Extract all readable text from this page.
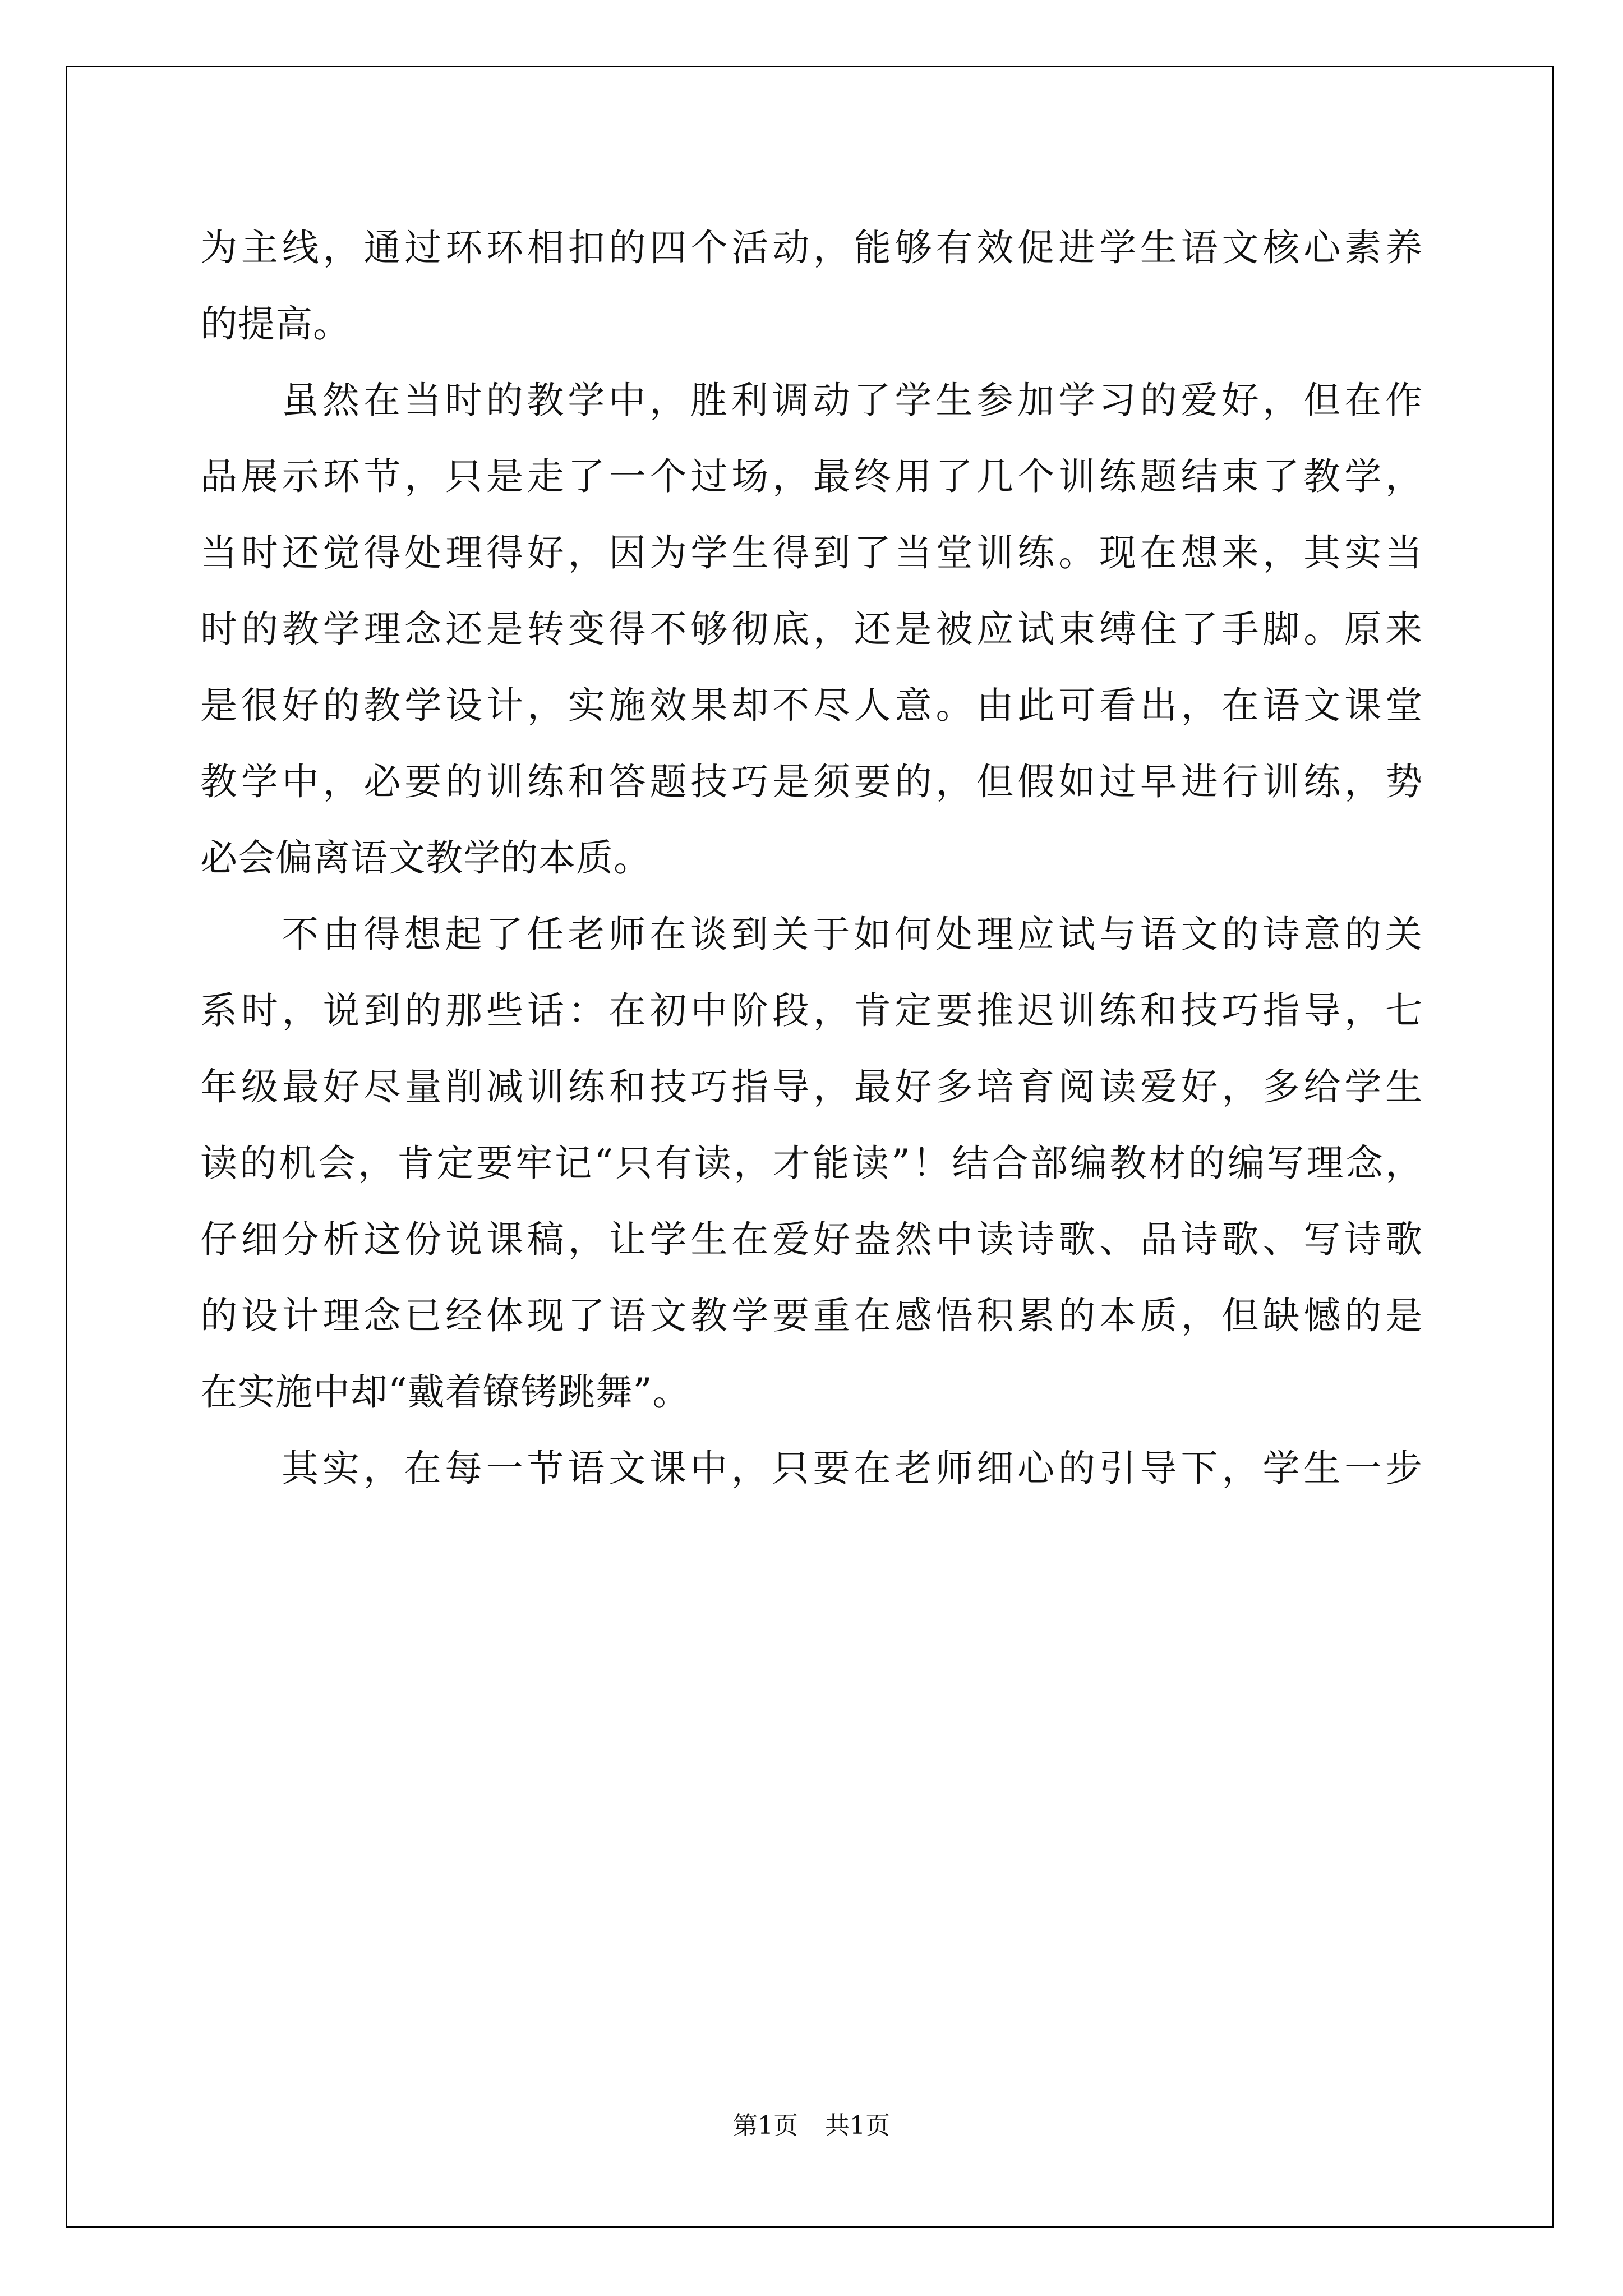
为主线，通过环环相扣的四个活动，能够有效促进学生语文核心素养
的提高。
虽然在当时的教学中，胜利调动了学生参加学习的爱好，但在作
品展示环节，只是走了一个过场，最终用了几个训练题结束了教学，
当时还觉得处理得好，因为学生得到了当堂训练。现在想来，其实当
时的教学理念还是转变得不够彻底，还是被应试束缚住了手脚。原来
是很好的教学设计，实施效果却不尽人意。由此可看出，在语文课堂
教学中，必要的训练和答题技巧是须要的，但假如过早进行训练，势
必会偏离语文教学的本质。
不由得想起了任老师在谈到关于如何处理应试与语文的诗意的关
系时，说到的那些话：在初中阶段，肯定要推迟训练和技巧指导，七
年级最好尽量削减训练和技巧指导，最好多培育阅读爱好，多给学生
读的机会，肯定要牢记“只有读，才能读”！结合部编教材的编写理念，
仔细分析这份说课稿，让学生在爱好盎然中读诗歌、品诗歌、写诗歌
的设计理念已经体现了语文教学要重在感悟积累的本质，但缺憾的是
在实施中却“戴着镣铐跳舞”。
其实，在每一节语文课中，只要在老师细心的引导下，学生一步
第1页 共1页
